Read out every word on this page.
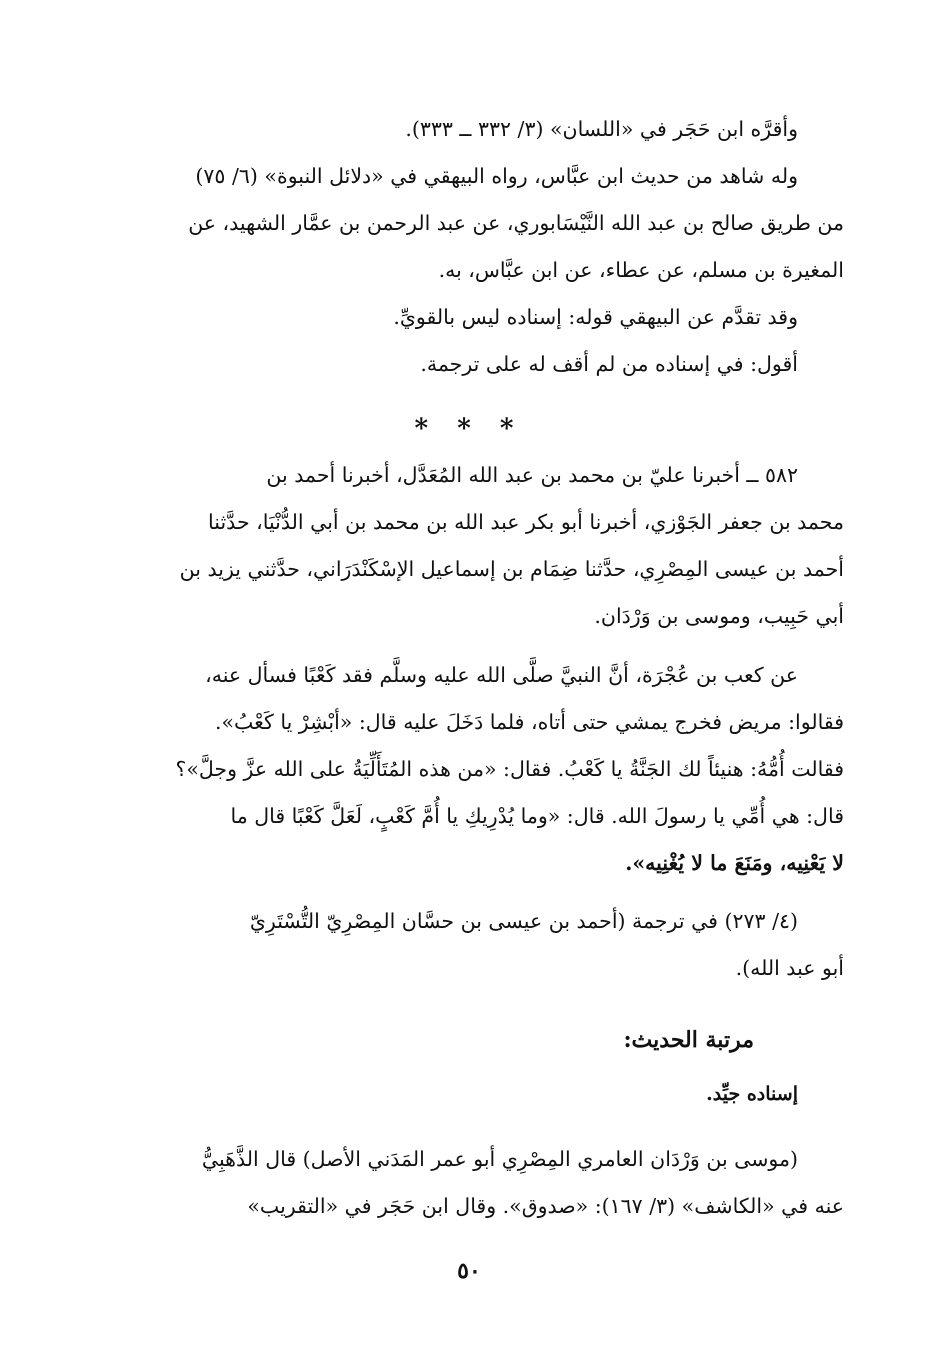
وأقرَّه ابن حَجَر في «اللسان» (٣/ ٣٣٢ ــ ٣٣٣).
وله شاهد من حديث ابن عبَّاس، رواه البيهقي في «دلائل النبوة» (٦/ ٧٥)
من طريق صالح بن عبد الله النَّيْسَابوري، عن عبد الرحمن بن عمَّار الشهيد، عن
المغيرة بن مسلم، عن عطاء، عن ابن عبَّاس، به.
وقد تقدَّم عن البيهقي قوله: إسناده ليس بالقويِّ.
أقول: في إسناده من لم أقف له على ترجمة.
* * *
٥٨٢ ــ أخبرنا عليّ بن محمد بن عبد الله المُعَدَّل، أخبرنا أحمد بن
محمد بن جعفر الجَوْزي، أخبرنا أبو بكر عبد الله بن محمد بن أبي الدُّنْيَا، حدَّثنا
أحمد بن عيسى المِصْرِي، حدَّثنا ضِمَام بن إسماعيل الإسْكَنْدَرَاني، حدَّثني يزيد بن
أبي حَبِيب، وموسى بن وَرْدَان.
عن كعب بن عُجْرَة، أنَّ النبيَّ صلَّى الله عليه وسلَّم فقد كَعْبًا فسأل عنه،
فقالوا: مريض فخرج يمشي حتى أتاه، فلما دَخَلَ عليه قال: «أبْشِرْ يا كَعْبُ».
فقالت أُمُّهُ: هنيئاً لك الجَنَّةُ يا كَعْبُ. فقال: «من هذه المُتَأَلِّيَةُ على الله عزَّ وجلَّ»؟
قال: هي أُمِّي يا رسولَ الله. قال: «وما يُدْرِيكِ يا أُمَّ كَعْبٍ، لَعَلَّ كَعْبًا قال ما
لا يَعْنِيه، ومَنَعَ ما لا يُغْنِيه».
(٤/ ٢٧٣) في ترجمة (أحمد بن عيسى بن حسَّان المِصْرِيّ التُّسْتَرِيّ
أبو عبد الله).
مرتبة الحديث:
إسناده جيِّد.
(موسى بن وَرْدَان العامري المِصْرِي أبو عمر المَدَني الأصل) قال الذَّهَبِيُّ
عنه في «الكاشف» (٣/ ١٦٧): «صدوق». وقال ابن حَجَر في «التقريب»
٥٠
